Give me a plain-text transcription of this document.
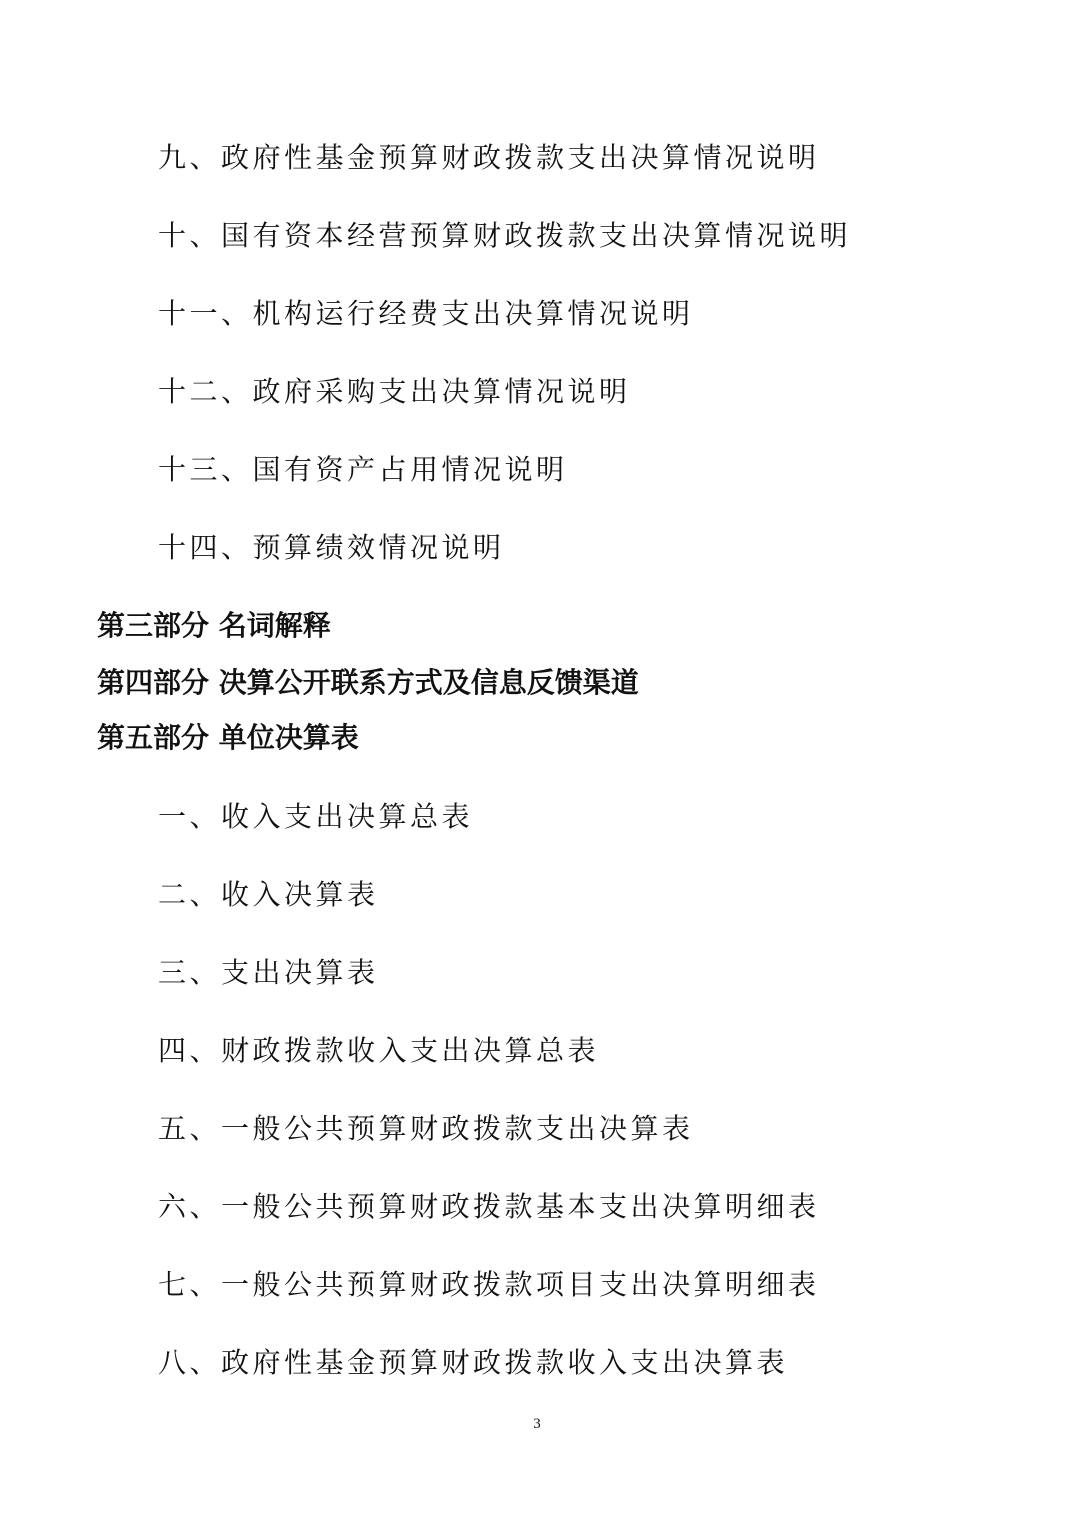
九、政府性基金预算财政拨款支出决算情况说明
十、国有资本经营预算财政拨款支出决算情况说明
十一、机构运行经费支出决算情况说明
十二、政府采购支出决算情况说明
十三、国有资产占用情况说明
十四、预算绩效情况说明
第三部分 名词解释
第四部分 决算公开联系方式及信息反馈渠道
第五部分 单位决算表
一、收入支出决算总表
二、收入决算表
三、支出决算表
四、财政拨款收入支出决算总表
五、一般公共预算财政拨款支出决算表
六、一般公共预算财政拨款基本支出决算明细表
七、一般公共预算财政拨款项目支出决算明细表
八、政府性基金预算财政拨款收入支出决算表
3
